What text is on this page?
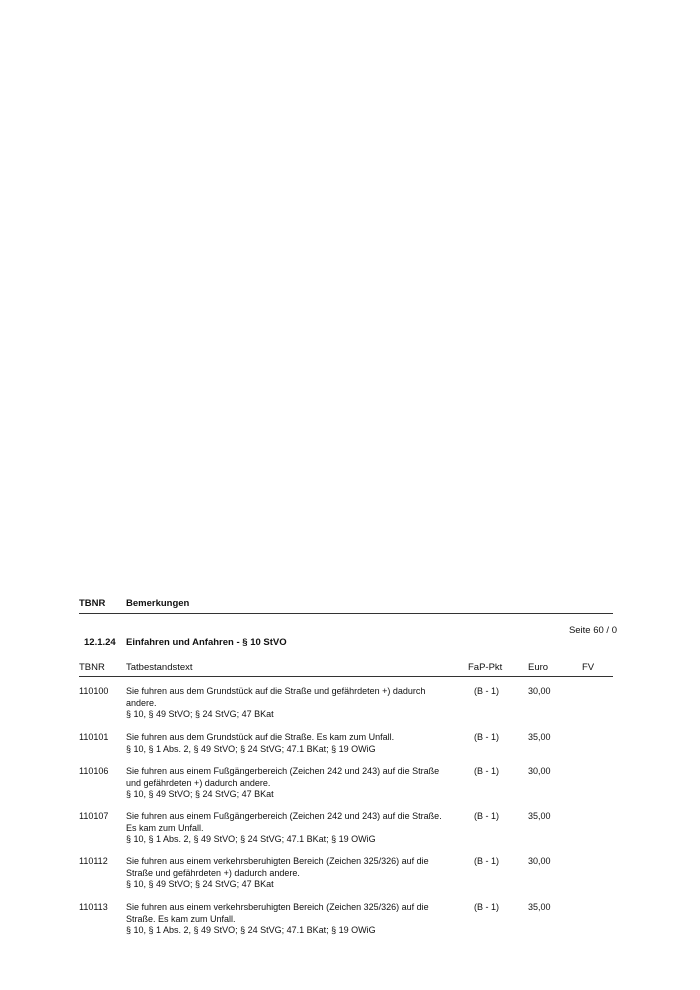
TBNR Bemerkungen
Seite 60 / 0
12.1.24 Einfahren und Anfahren - § 10 StVO
TBNR Tatbestandstext	FaP-Pkt	Euro	FV
110100 Sie fuhren aus dem Grundstück auf die Straße und gefährdeten +) dadurch
andere.
§ 10, § 49 StVO; § 24 StVG; 47 BKat
(B - 1)	30,00
110101 Sie fuhren aus dem Grundstück auf die Straße. Es kam zum Unfall.
§ 10, § 1 Abs. 2, § 49 StVO; § 24 StVG; 47.1 BKat; § 19 OWiG
(B - 1)	35,00
110106 Sie fuhren aus einem Fußgängerbereich (Zeichen 242 und 243) auf die Straße
und gefährdeten +) dadurch andere.
§ 10, § 49 StVO; § 24 StVG; 47 BKat
(B - 1)	30,00
110107 Sie fuhren aus einem Fußgängerbereich (Zeichen 242 und 243) auf die Straße.
Es kam zum Unfall.
§ 10, § 1 Abs. 2, § 49 StVO; § 24 StVG; 47.1 BKat; § 19 OWiG
(B - 1)	35,00
110112 Sie fuhren aus einem verkehrsberuhigten Bereich (Zeichen 325/326) auf die
Straße und gefährdeten +) dadurch andere.
§ 10, § 49 StVO; § 24 StVG; 47 BKat
(B - 1)	30,00
110113 Sie fuhren aus einem verkehrsberuhigten Bereich (Zeichen 325/326) auf die
Straße. Es kam zum Unfall.
§ 10, § 1 Abs. 2, § 49 StVO; § 24 StVG; 47.1 BKat; § 19 OWiG
(B - 1)	35,00
